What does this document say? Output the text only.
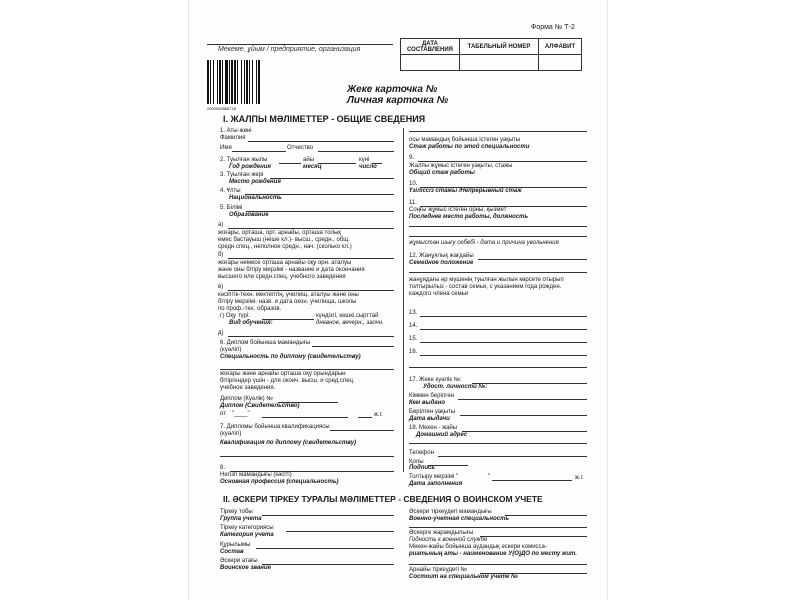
Форма № Т-2
Мекеме, ұйым / предприятие, организация
ДАТА СОСТАВЛЕНИЯ	ТАБЕЛЬНЫЙ НОМЕР	АЛФАВИТ

2000000866718
Жеке карточка №
Личная карточка №
I. ЖАЛПЫ МӘЛІМЕТТЕР - ОБЩИЕ СВЕДЕНИЯ
1. Аты-жөні
Фамилия
Имя	Отчество
2. Туылған жылы	айы	күні
Год рождения	месяц	число
3. Туылған жері
Место рождения
4. Ұлты
Национальность
5. Білімі
Образование
а)
жоғары, орташа, орт. арнайы, орташа толық
емес бастауыш (неше кл.)- высш., средн., общ.
средн.спец., неполное средн., нач. (сколько кл.)
б)
жоғары немесе орташа арнайы оқу орн. аталуы
және оны бітіру мерзімі - название и дата окончания
высшего или средн.спец. учебного заведения
в)
кәсіптік-техн. мектептің, училищ. аталуы және оны
бітіру мерзімі- назв. и дата окон. училища, школы
по проф.-тех. образов.
г) Оқу түрі:	күндізгі, кешкі,сырттай
Вид обучения:	дневное, вечерн., заочн.
д)
6. Диплом бойынша мамандығы
(куәлігі)
Специальность по диплому (свидетельству)
жоғары және арнайы орташа оқу орындарын
бітіргендер үшін - для оконч. высш. и сред.спец.
учебное заведения.
Диплом (Куәлік) №
Диплом (Свидетельство)
от "____"	ж.г.
7. Дипломы бойынша квалификациясы
(куәлігі)
Квалификация по диплому (свидетельству)
8.
Негізгі мамандығы (кәсіті)
Основная профессия (специальность)
осы мамандық бойынша істеген уақыты
Стаж работы по этой специальности
9.
Жалпы жұмыс істеген уақыты, стажы
Общий стаж работы
10.
Үзіліссіз стажы /Непрерывный стаж
11.
Соңғы жұмыс істеген орны, қызмет
Последнее место работы, должность
жұмыстан шығу себебі - дата и причина увольнения
12. Жанұялық жағдайы
Семейное положение
жанұядағы әр мүшенің туылған жылын көрсете отырып
толтырылыз - состав семьи, с указанием года рожден.
каждого члена семьи
13.
14.
15.
16.
17. Жеке куәлік №:
Удост. личности №:
Кіммен берілген
Кем выдано
Берілген уақыты
Дата выдачи
18. Мекен - жайы
Домашний адрес
Телефон
Қолы
Подпись
Толтыру мерзімі "	"	ж.г.
Дата заполнения
II. ӘСКЕРИ ТІРКЕУ ТУРАЛЫ МӘЛІМЕТТЕР - СВЕДЕНИЯ О ВОИНСКОМ УЧЕТЕ
Тіркеу тобы
Группа учета
Тіркеу категориясы
Категория учета
Құрылымы
Состав
Әскери атағы
Воинское звание
Әскери тіркеудегі мамандығы
Военно-учетная специальность
Әскерге жарамдылығы
Годность к военной службе
Мекен-жайы бойынша аудандық әскери комисса-
риатының аты - наименование У(О)ДО по месту жит.
Арнайы тіркеудегі №
Состоит на специальном учете №
